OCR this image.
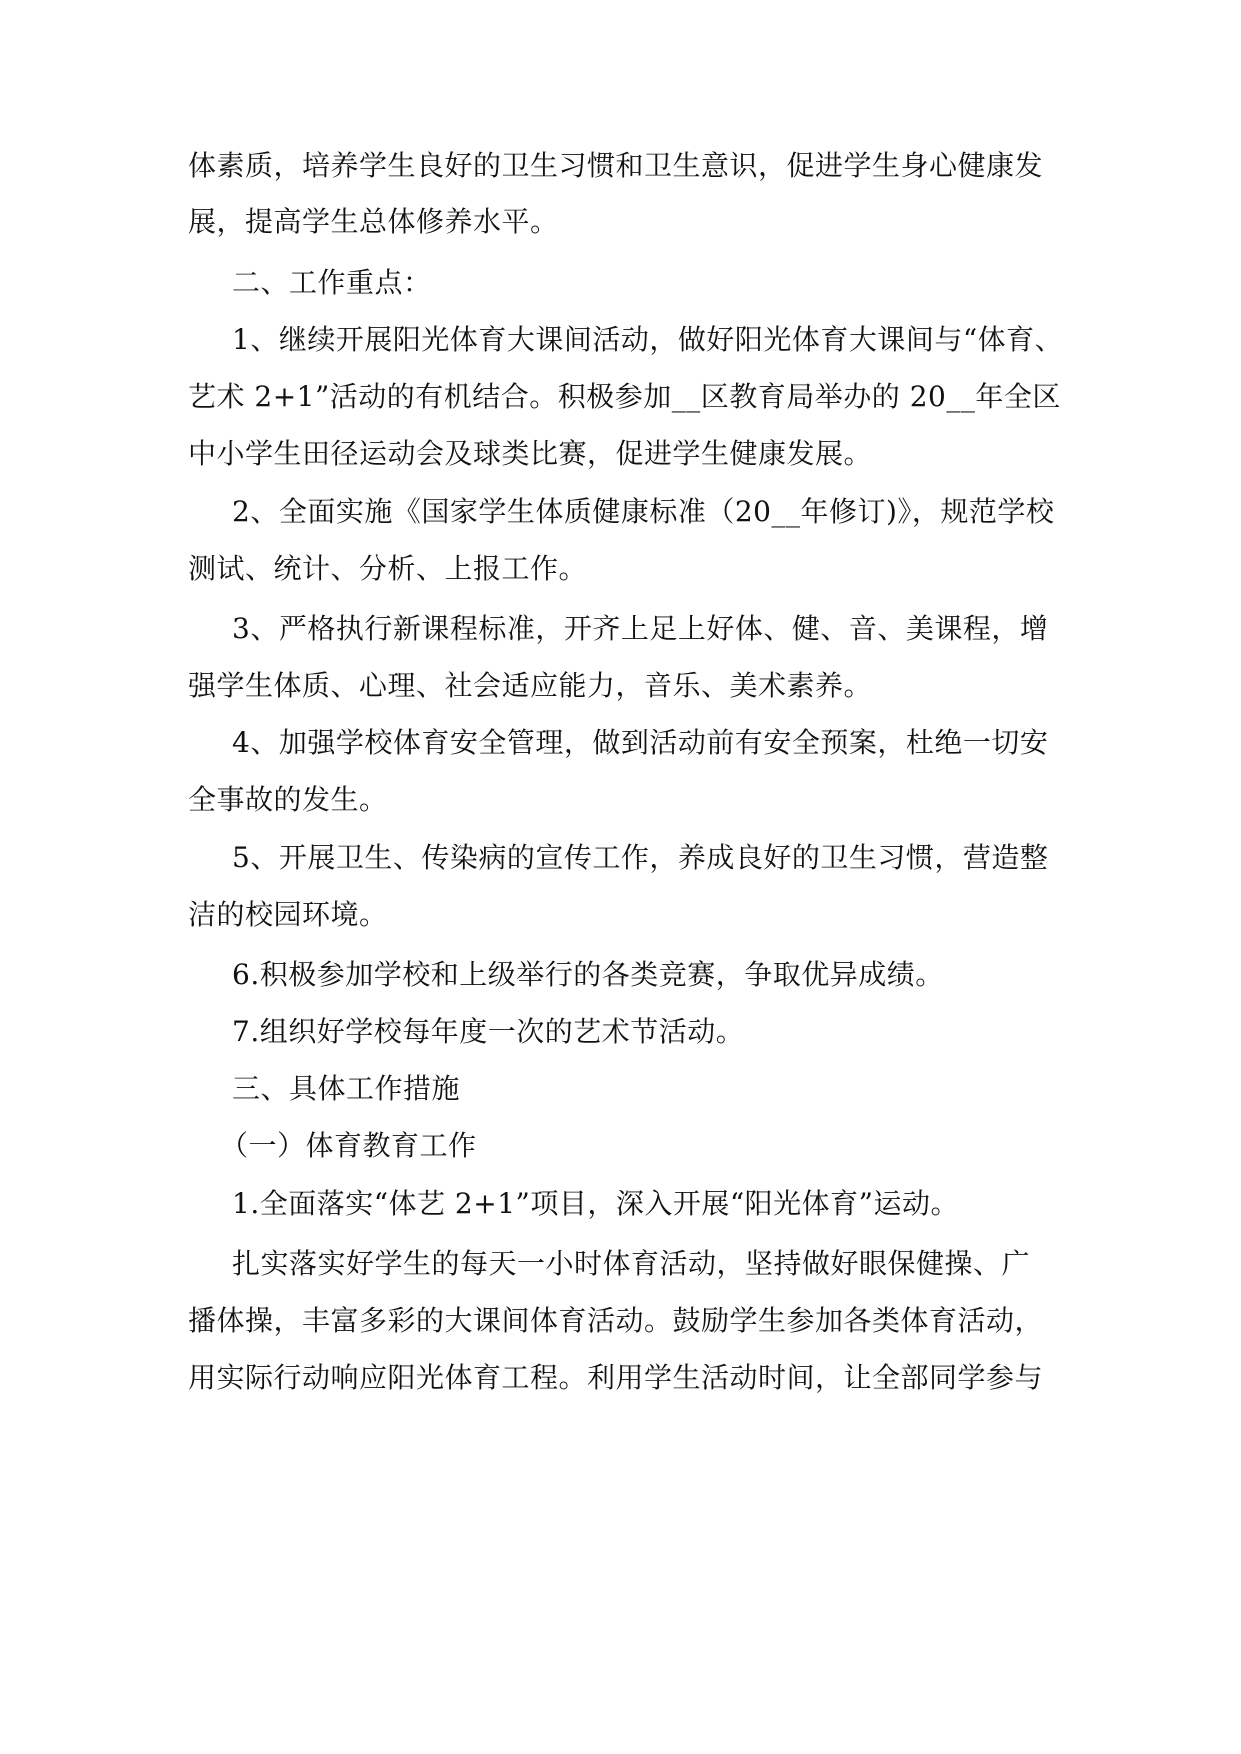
体素质，培养学生良好的卫生习惯和卫生意识，促进学生身心健康发
展，提高学生总体修养水平。
二、工作重点：
1、继续开展阳光体育大课间活动，做好阳光体育大课间与“体育、
艺术 2+1”活动的有机结合。积极参加__区教育局举办的 20__年全区
中小学生田径运动会及球类比赛，促进学生健康发展。
2、全面实施《国家学生体质健康标准（20__年修订)》，规范学校
测试、统计、分析、上报工作。
3、严格执行新课程标准，开齐上足上好体、健、音、美课程，增
强学生体质、心理、社会适应能力，音乐、美术素养。
4、加强学校体育安全管理，做到活动前有安全预案，杜绝一切安
全事故的发生。
5、开展卫生、传染病的宣传工作，养成良好的卫生习惯，营造整
洁的校园环境。
6.积极参加学校和上级举行的各类竞赛，争取优异成绩。
7.组织好学校每年度一次的艺术节活动。
三、具体工作措施
（一）体育教育工作
1.全面落实“体艺 2+1”项目，深入开展“阳光体育”运动。
扎实落实好学生的每天一小时体育活动，坚持做好眼保健操、广
播体操，丰富多彩的大课间体育活动。鼓励学生参加各类体育活动，
用实际行动响应阳光体育工程。利用学生活动时间，让全部同学参与
